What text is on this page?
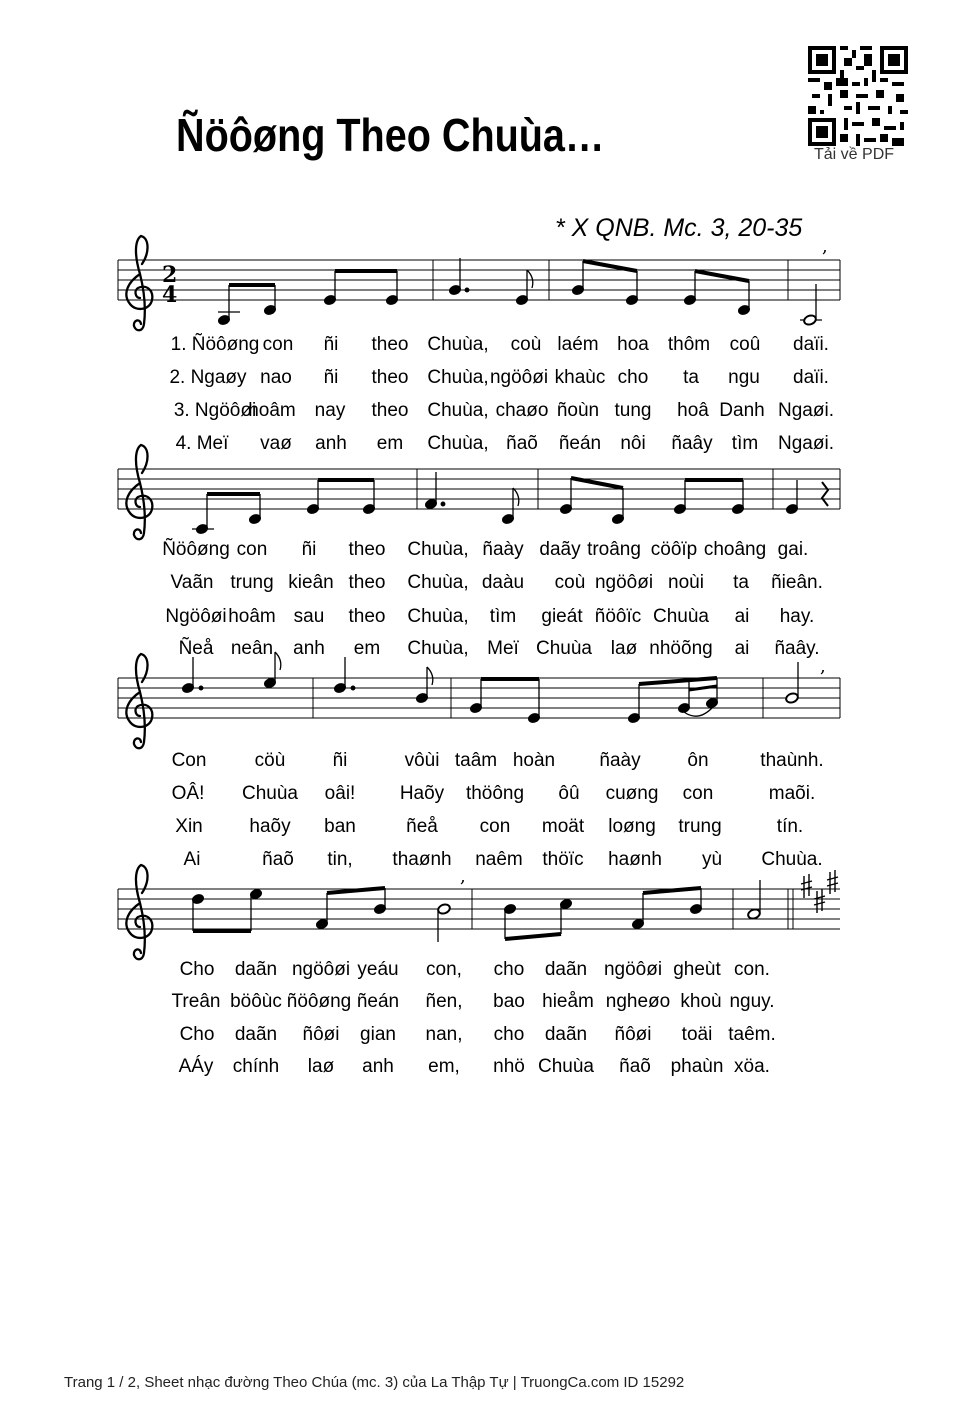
Ñöôøng Theo Chuùa…
* X QNB. Mc. 3, 20-35
Tải về PDF
2
4
,
,
,
1. Ñöôøng con ñi theo Chuùa, coù laém hoa thôm coû daïi.
2. Ngaøy nao ñi theo Chuùa, ngöôøi khaùc cho ta ngu daïi.
3. Ngöôøi
hoâm nay theo Chuùa, chaøo ñoùn tung hoâ Danh Ngaøi.
4. Meï vaø anh em Chuùa, ñaõ ñeán nôi ñaây tìm Ngaøi.
Ñöôøng con ñi theo Chuùa, ñaày daãy troâng cöôïp choâng gai.
Vaãn trung kieân theo Chuùa, daàu coù ngöôøi noùi ta ñieân.
Ngöôøi hoâm sau theo Chuùa, tìm gieát ñöôïc Chuùa ai hay.
Ñeå neân anh em Chuùa, Meï Chuùa laø nhöõng ai ñaây.
Con	cöù ñi	vôùi taâm hoàn ñaày ôn	thaùnh.
OÂ! Chuùa oâi! Haõy thöông ôû cuøng con	maõi.
Xin haõy ban	ñeå con moät loøng trung	tín.
Ai	ñaõ tin, thaønh naêm thöïc haønh yù Chuùa.
Cho daãn ngöôøi yeáu con, cho daãn ngöôøi gheùt con.
Treân böôùc ñöôøng ñeán ñen, bao hieåm ngheøo khoù nguy.
Cho daãn ñôøi gian nan, cho daãn ñôøi toäi taêm.
AÁy chính laø anh em, nhö Chuùa ñaõ phaùn xöa.
Trang 1 / 2, Sheet nhạc đường Theo Chúa (mc. 3) của La Thập Tự | TruongCa.com ID 15292
